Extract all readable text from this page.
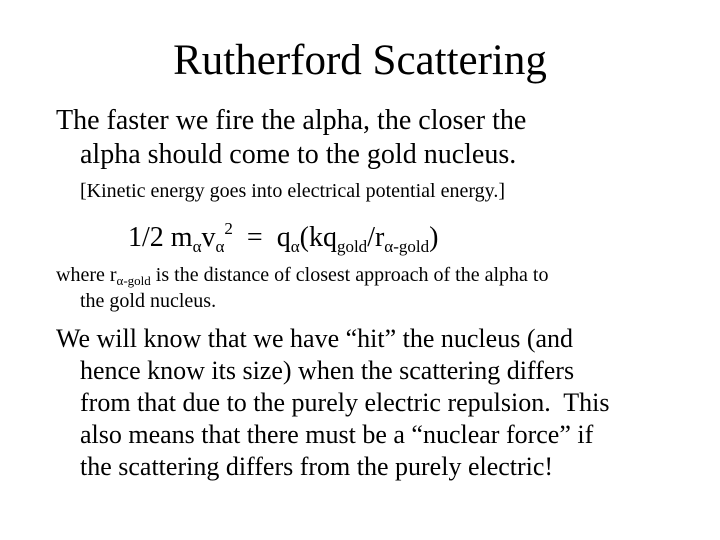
Rutherford Scattering
The faster we fire the alpha, the closer the
alpha should come to the gold nucleus.
[Kinetic energy goes into electrical potential energy.]
1/2 $m_\alpha v_\alpha^2 = q_\alpha(kq_{gold}/r_{\alpha-gold})$
where $r_{\alpha-gold}$ is the distance of closest approach of the alpha to
the gold nucleus.
We will know that we have “hit” the nucleus (and
hence know its size) when the scattering differs
from that due to the purely electric repulsion.  This
also means that there must be a “nuclear force” if
the scattering differs from the purely electric!
